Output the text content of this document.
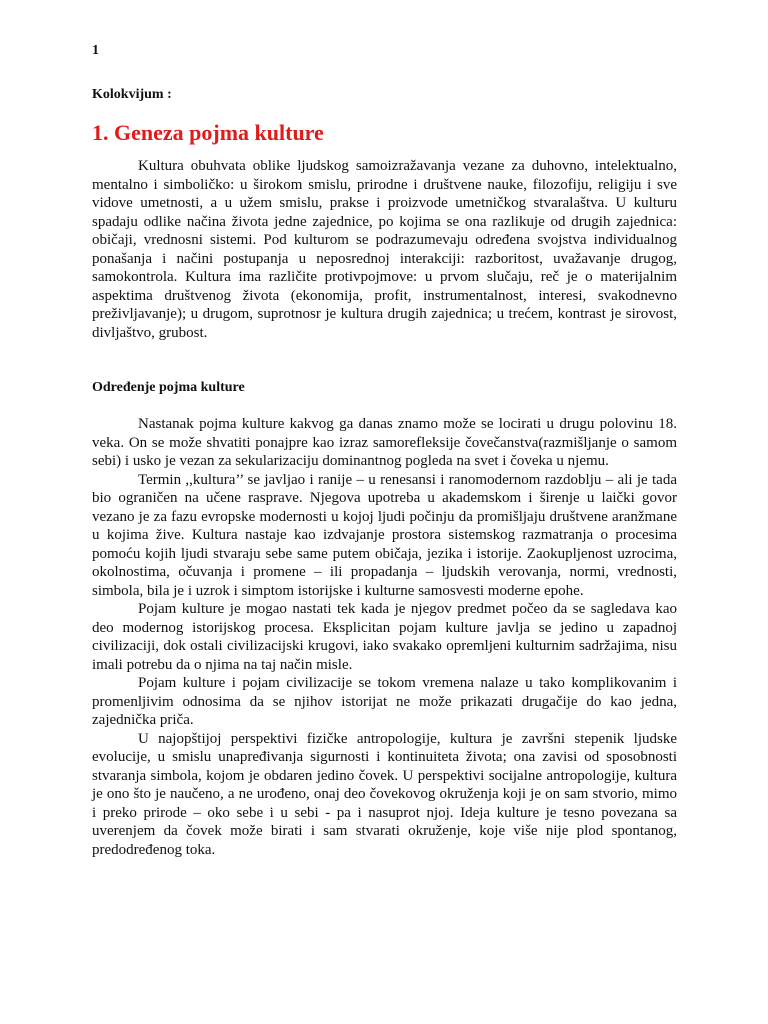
1
Kolokvijum :
1. Geneza pojma kulture

Kultura obuhvata oblike ljudskog samoizražavanja vezane za duhovno, intelektualno, mentalno i simboličko: u širokom smislu, prirodne i društvene nauke, filozofiju, religiju i sve vidove umetnosti, a u užem smislu, prakse i proizvode umetničkog stvaralaštva. U kulturu spadaju odlike načina života jedne zajednice, po kojima se ona razlikuje od drugih zajednica: običaji, vrednosni sistemi. Pod kulturom se podrazumevaju određena svojstva individualnog ponašanja i načini postupanja u neposrednoj interakciji: razboritost, uvažavanje drugog, samokontrola. Kultura ima različite protivpojmove: u prvom slučaju, reč je o materijalnim aspektima društvenog života (ekonomija, profit, instrumentalnost, interesi, svakodnevno preživljavanje); u drugom, suprotnosr je kultura drugih zajednica; u trećem, kontrast je sirovost, divljaštvo, grubost.

Određenje pojma kulture

Nastanak pojma kulture kakvog ga danas znamo može se locirati u drugu polovinu 18. veka. On se može shvatiti ponajpre kao izraz samorefleksije čovečanstva(razmišljanje o samom sebi) i usko je vezan za sekularizaciju dominantnog pogleda na svet i čoveka u njemu.

Termin ,,kultura’’ se javljao i ranije – u renesansi i ranomodernom razdoblju – ali je tada bio ograničen na učene rasprave. Njegova upotreba u akademskom i širenje u laički govor vezano je za fazu evropske modernosti u kojoj ljudi počinju da promišljaju društvene aranžmane u kojima žive. Kultura nastaje kao izdvajanje prostora sistemskog razmatranja o procesima pomoću kojih ljudi stvaraju sebe same putem običaja, jezika i istorije. Zaokupljenost uzrocima, okolnostima, očuvanja i promene – ili propadanja – ljudskih verovanja, normi, vrednosti, simbola, bila je i uzrok i simptom istorijske i kulturne samosvesti moderne epohe.

Pojam kulture je mogao nastati tek kada je njegov predmet počeo da se sagledava kao deo modernog istorijskog procesa. Eksplicitan pojam kulture javlja se jedino u zapadnoj civilizaciji, dok ostali civilizacijski krugovi, iako svakako opremljeni kulturnim sadržajima, nisu imali potrebu da o njima na taj način misle.

Pojam kulture i pojam civilizacije se tokom vremena nalaze u tako komplikovanim i promenljivim odnosima da se njihov istorijat ne može prikazati drugačije do kao jedna, zajednička priča.

U najopštijoj perspektivi fizičke antropologije, kultura je završni stepenik ljudske evolucije, u smislu unapređivanja sigurnosti i kontinuiteta života; ona zavisi od sposobnosti stvaranja simbola, kojom je obdaren jedino čovek. U perspektivi socijalne antropologije, kultura je ono što je naučeno, a ne urođeno, onaj deo čovekovog okruženja koji je on sam stvorio, mimo i preko prirode – oko sebe i u sebi - pa i nasuprot njoj. Ideja kulture je tesno povezana sa uverenjem da čovek može birati i sam stvarati okruženje, koje više nije plod spontanog, predodređenog toka.
